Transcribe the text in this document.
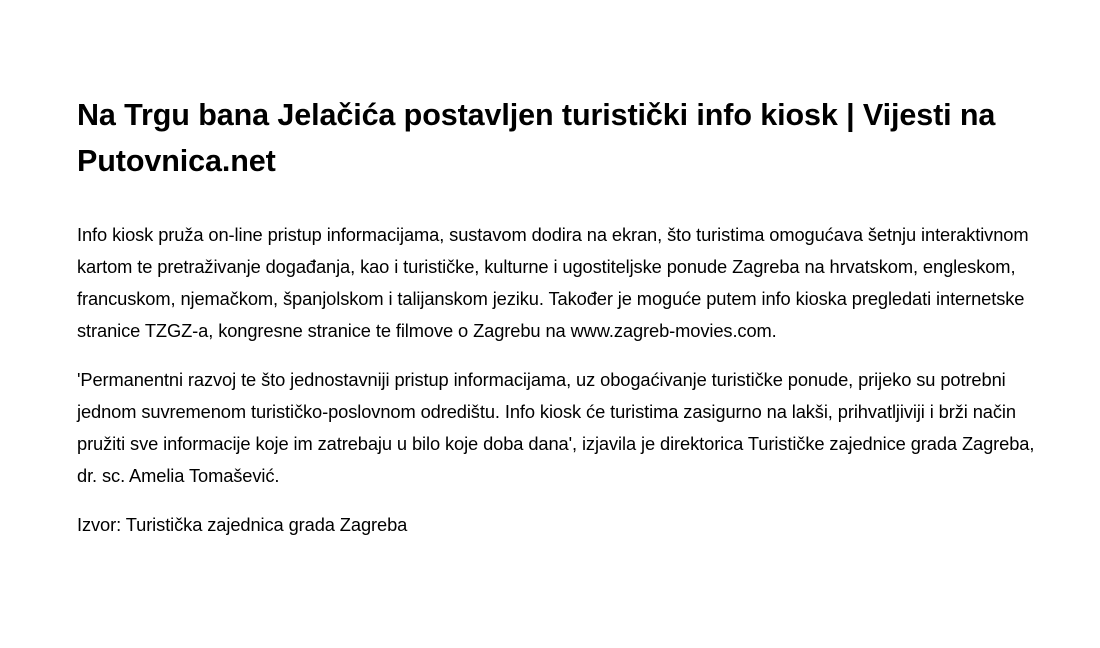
Na Trgu bana Jelačića postavljen turistički info kiosk | Vijesti na Putovnica.net

Info kiosk pruža on-line pristup informacijama, sustavom dodira na ekran, što turistima omogućava šetnju interaktivnom kartom te pretraživanje događanja, kao i turističke, kulturne i ugostiteljske ponude Zagreba na hrvatskom, engleskom, francuskom, njemačkom, španjolskom i talijanskom jeziku. Također je moguće putem info kioska pregledati internetske stranice TZGZ-a, kongresne stranice te filmove o Zagrebu na www.zagreb-movies.com.

'Permanentni razvoj te što jednostavniji pristup informacijama, uz obogaćivanje turističke ponude, prijeko su potrebni jednom suvremenom turističko-poslovnom odredištu. Info kiosk će turistima zasigurno na lakši, prihvatljiviji i brži način pružiti sve informacije koje im zatrebaju u bilo koje doba dana', izjavila je direktorica Turističke zajednice grada Zagreba, dr. sc. Amelia Tomašević.

Izvor: Turistička zajednica grada Zagreba
